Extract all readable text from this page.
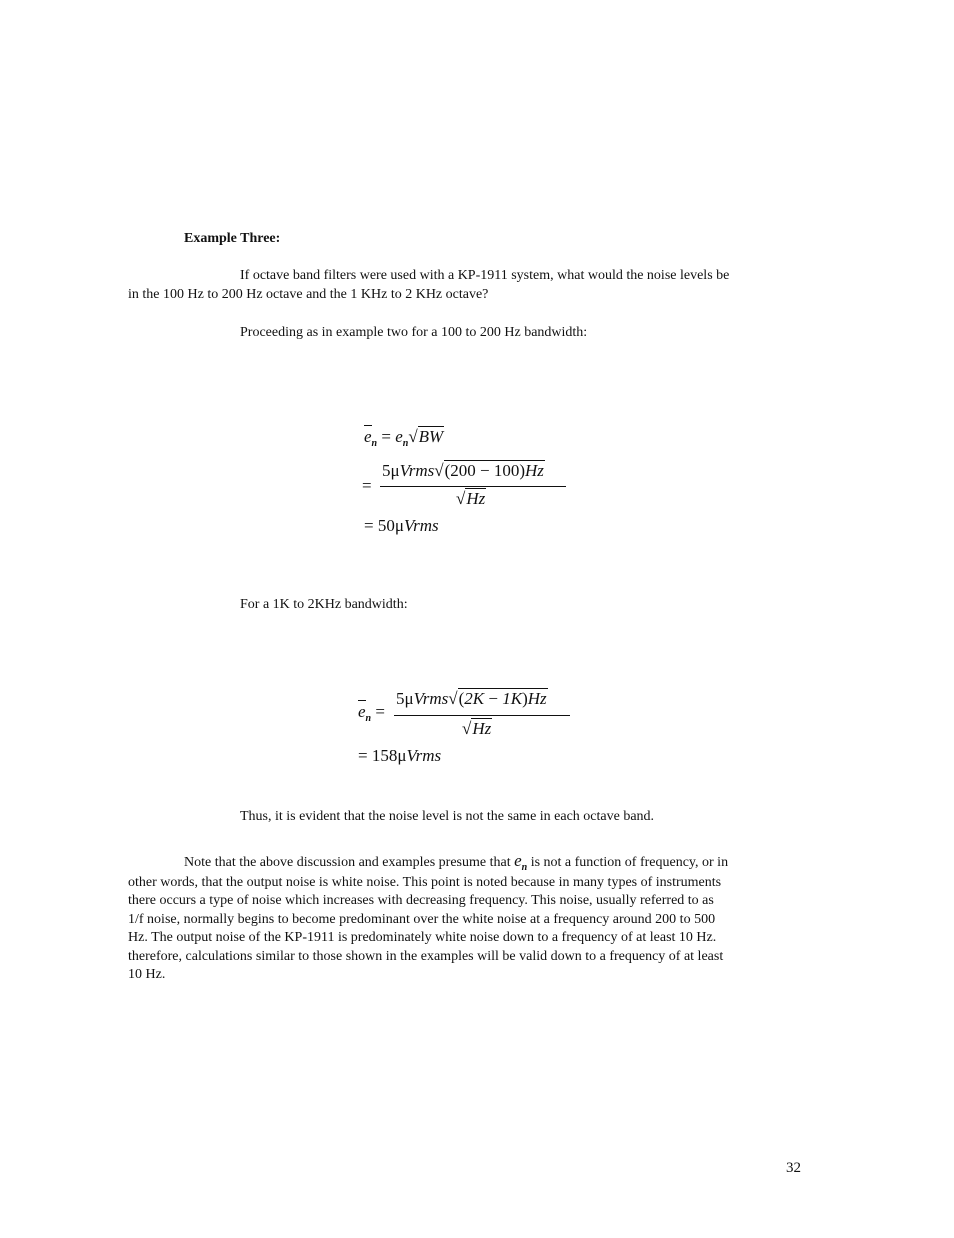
Example Three:
If octave band filters were used with a KP-1911 system, what would the noise levels be
in the 100 Hz to 200 Hz octave and the 1 KHz to 2 KHz octave?
Proceeding as in example two for a 100 to 200 Hz bandwidth:
$e_n = e_n√BW$
=
5μVrms√(200 − 100)Hz
√Hz
= 50μVrms
For a 1K to 2KHz bandwidth:
$e_n$ =
5μVrms√(2K − 1K)Hz
√Hz
= 158μVrms
Thus, it is evident that the noise level is not the same in each octave band.
Note that the above discussion and examples presume that $e_n$ is not a function of frequency, or in
other words, that the output noise is white noise. This point is noted because in many types of instruments
there occurs a type of noise which increases with decreasing frequency. This noise, usually referred to as
1/f noise, normally begins to become predominant over the white noise at a frequency around 200 to 500
Hz. The output noise of the KP-1911 is predominately white noise down to a frequency of at least 10 Hz.
therefore, calculations similar to those shown in the examples will be valid down to a frequency of at least
10 Hz.
32
